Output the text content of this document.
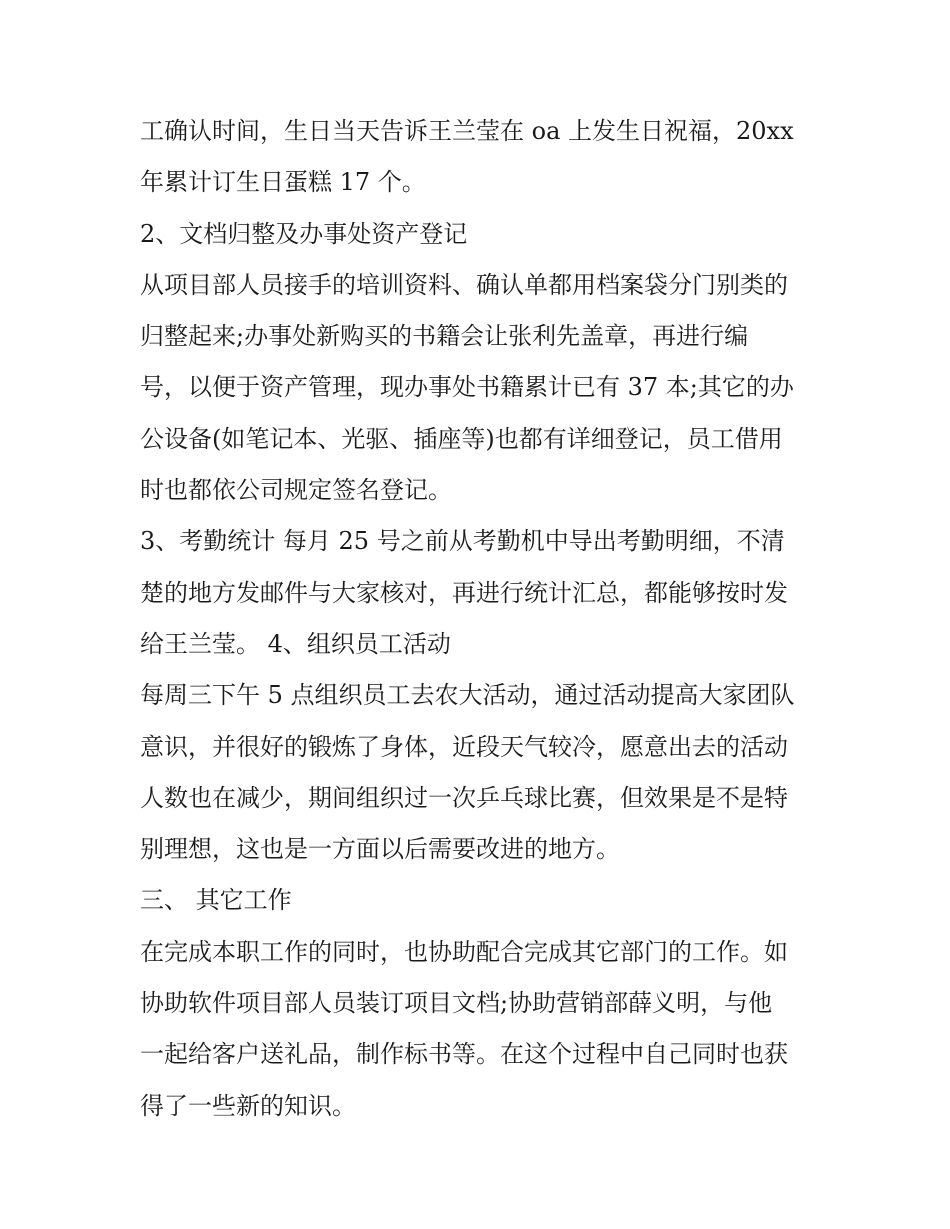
工确认时间，生日当天告诉王兰莹在 oa 上发生日祝福，20xx
年累计订生日蛋糕 17 个。
2、文档归整及办事处资产登记
从项目部人员接手的培训资料、确认单都用档案袋分门别类的
归整起来;办事处新购买的书籍会让张利先盖章，再进行编
号，以便于资产管理，现办事处书籍累计已有 37 本;其它的办
公设备(如笔记本、光驱、插座等)也都有详细登记，员工借用
时也都依公司规定签名登记。
3、考勤统计 每月 25 号之前从考勤机中导出考勤明细，不清
楚的地方发邮件与大家核对，再进行统计汇总，都能够按时发
给王兰莹。 4、组织员工活动
每周三下午 5 点组织员工去农大活动，通过活动提高大家团队
意识，并很好的锻炼了身体，近段天气较冷，愿意出去的活动
人数也在减少，期间组织过一次乒乓球比赛，但效果是不是特
别理想，这也是一方面以后需要改进的地方。
三、 其它工作
在完成本职工作的同时，也协助配合完成其它部门的工作。如
协助软件项目部人员装订项目文档;协助营销部薛义明，与他
一起给客户送礼品，制作标书等。在这个过程中自己同时也获
得了一些新的知识。
